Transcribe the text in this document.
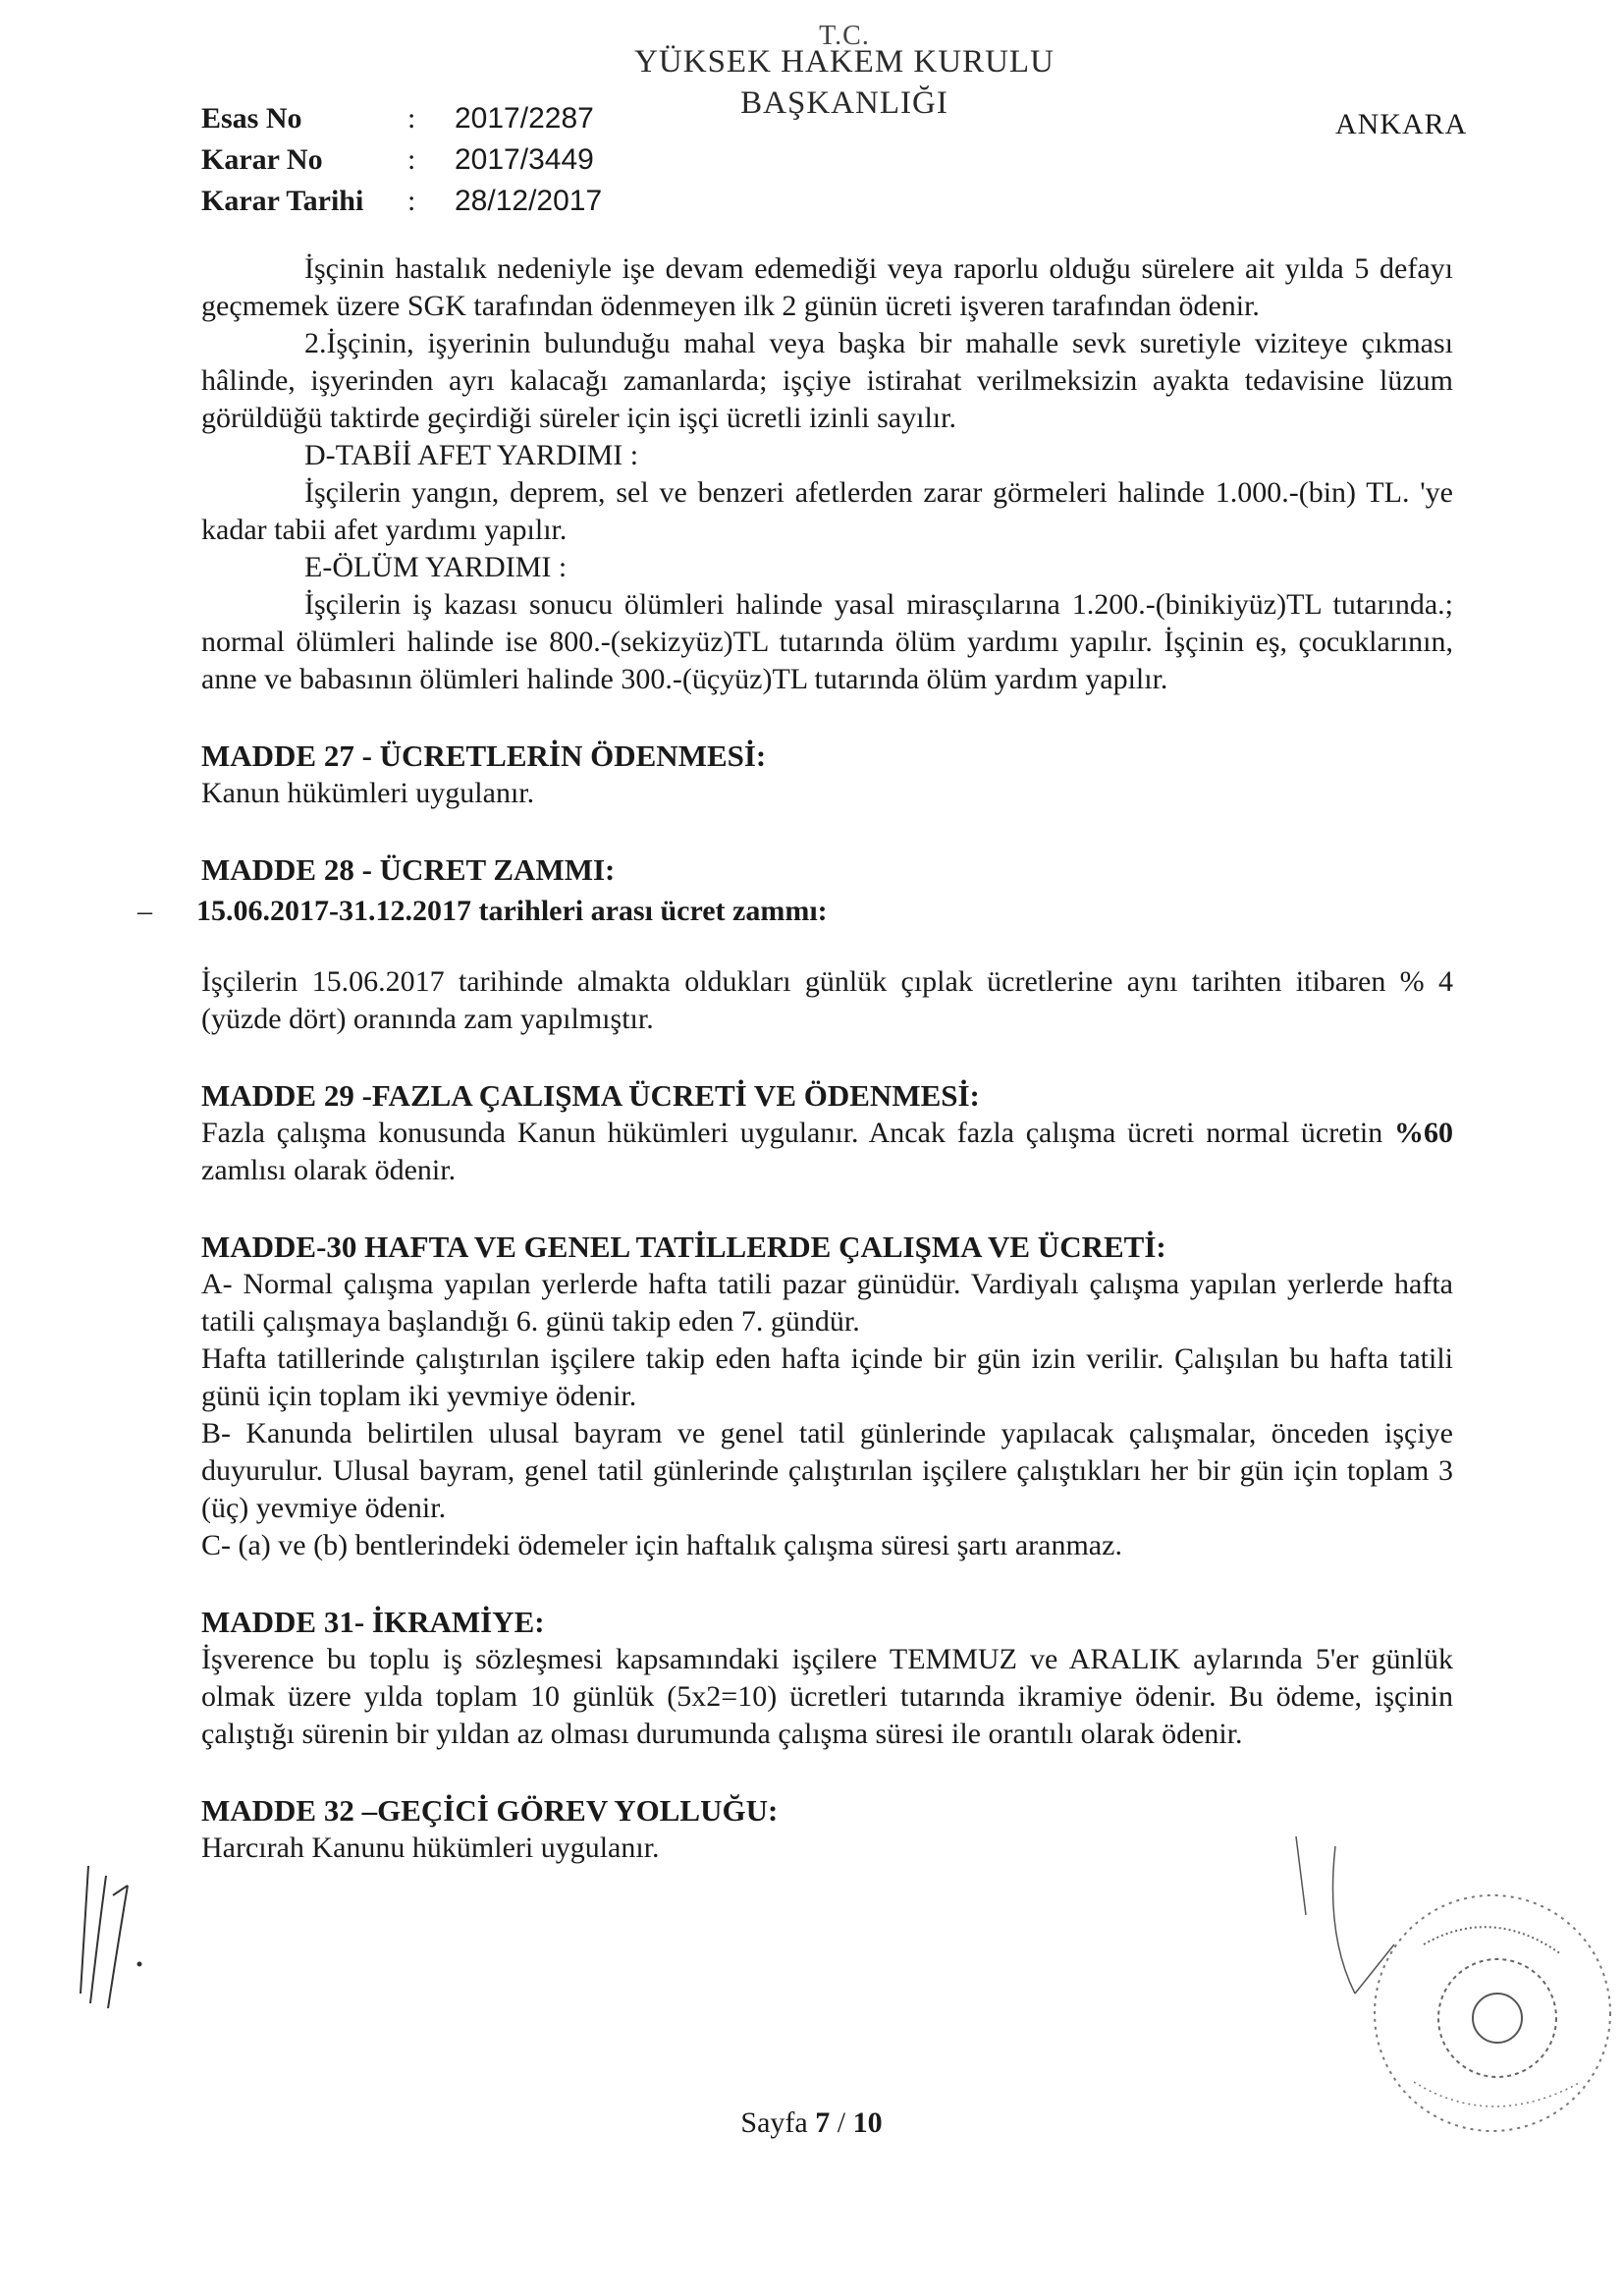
T.C.
YÜKSEK HAKEM KURULU
BAŞKANLIĞI
ANKARA
Esas No	:	2017/2287
Karar No	:	2017/3449
Karar Tarihi	:	28/12/2017

İşçinin hastalık nedeniyle işe devam edemediği veya raporlu olduğu sürelere ait yılda 5 defayı geçmemek üzere SGK tarafından ödenmeyen ilk 2 günün ücreti işveren tarafından ödenir.

2.İşçinin, işyerinin bulunduğu mahal veya başka bir mahalle sevk suretiyle viziteye çıkması hâlinde, işyerinden ayrı kalacağı zamanlarda; işçiye istirahat verilmeksizin ayakta tedavisine lüzum görüldüğü taktirde geçirdiği süreler için işçi ücretli izinli sayılır.

D-TABİİ AFET YARDIMI :

İşçilerin yangın, deprem, sel ve benzeri afetlerden zarar görmeleri halinde 1.000.-(bin) TL. 'ye kadar tabii afet yardımı yapılır.

E-ÖLÜM YARDIMI :

İşçilerin iş kazası sonucu ölümleri halinde yasal mirasçılarına 1.200.-(binikiyüz)TL tutarında.; normal ölümleri halinde ise 800.-(sekizyüz)TL tutarında ölüm yardımı yapılır. İşçinin eş, çocuklarının, anne ve babasının ölümleri halinde 300.-(üçyüz)TL tutarında ölüm yardım yapılır.

MADDE 27 - ÜCRETLERİN ÖDENMESİ:

Kanun hükümleri uygulanır.

MADDE 28 - ÜCRET ZAMMI:

–	15.06.2017-31.12.2017 tarihleri arası ücret zammı:

İşçilerin 15.06.2017 tarihinde almakta oldukları günlük çıplak ücretlerine aynı tarihten itibaren % 4 (yüzde dört) oranında zam yapılmıştır.

MADDE 29 -FAZLA ÇALIŞMA ÜCRETİ VE ÖDENMESİ:

Fazla çalışma konusunda Kanun hükümleri uygulanır. Ancak fazla çalışma ücreti normal ücretin %60 zamlısı olarak ödenir.

MADDE-30 HAFTA VE GENEL TATİLLERDE ÇALIŞMA VE ÜCRETİ:

A- Normal çalışma yapılan yerlerde hafta tatili pazar günüdür. Vardiyalı çalışma yapılan yerlerde hafta tatili çalışmaya başlandığı 6. günü takip eden 7. gündür.

Hafta tatillerinde çalıştırılan işçilere takip eden hafta içinde bir gün izin verilir. Çalışılan bu hafta tatili günü için toplam iki yevmiye ödenir.

B- Kanunda belirtilen ulusal bayram ve genel tatil günlerinde yapılacak çalışmalar, önceden işçiye duyurulur. Ulusal bayram, genel tatil günlerinde çalıştırılan işçilere çalıştıkları her bir gün için toplam 3 (üç) yevmiye ödenir.

C- (a) ve (b) bentlerindeki ödemeler için haftalık çalışma süresi şartı aranmaz.

MADDE 31- İKRAMİYE:

İşverence bu toplu iş sözleşmesi kapsamındaki işçilere TEMMUZ ve ARALIK aylarında 5'er günlük olmak üzere yılda toplam 10 günlük (5x2=10) ücretleri tutarında ikramiye ödenir. Bu ödeme, işçinin çalıştığı sürenin bir yıldan az olması durumunda çalışma süresi ile orantılı olarak ödenir.

MADDE 32 –GEÇİCİ GÖREV YOLLUĞU:

Harcırah Kanunu hükümleri uygulanır.

Sayfa 7 / 10
